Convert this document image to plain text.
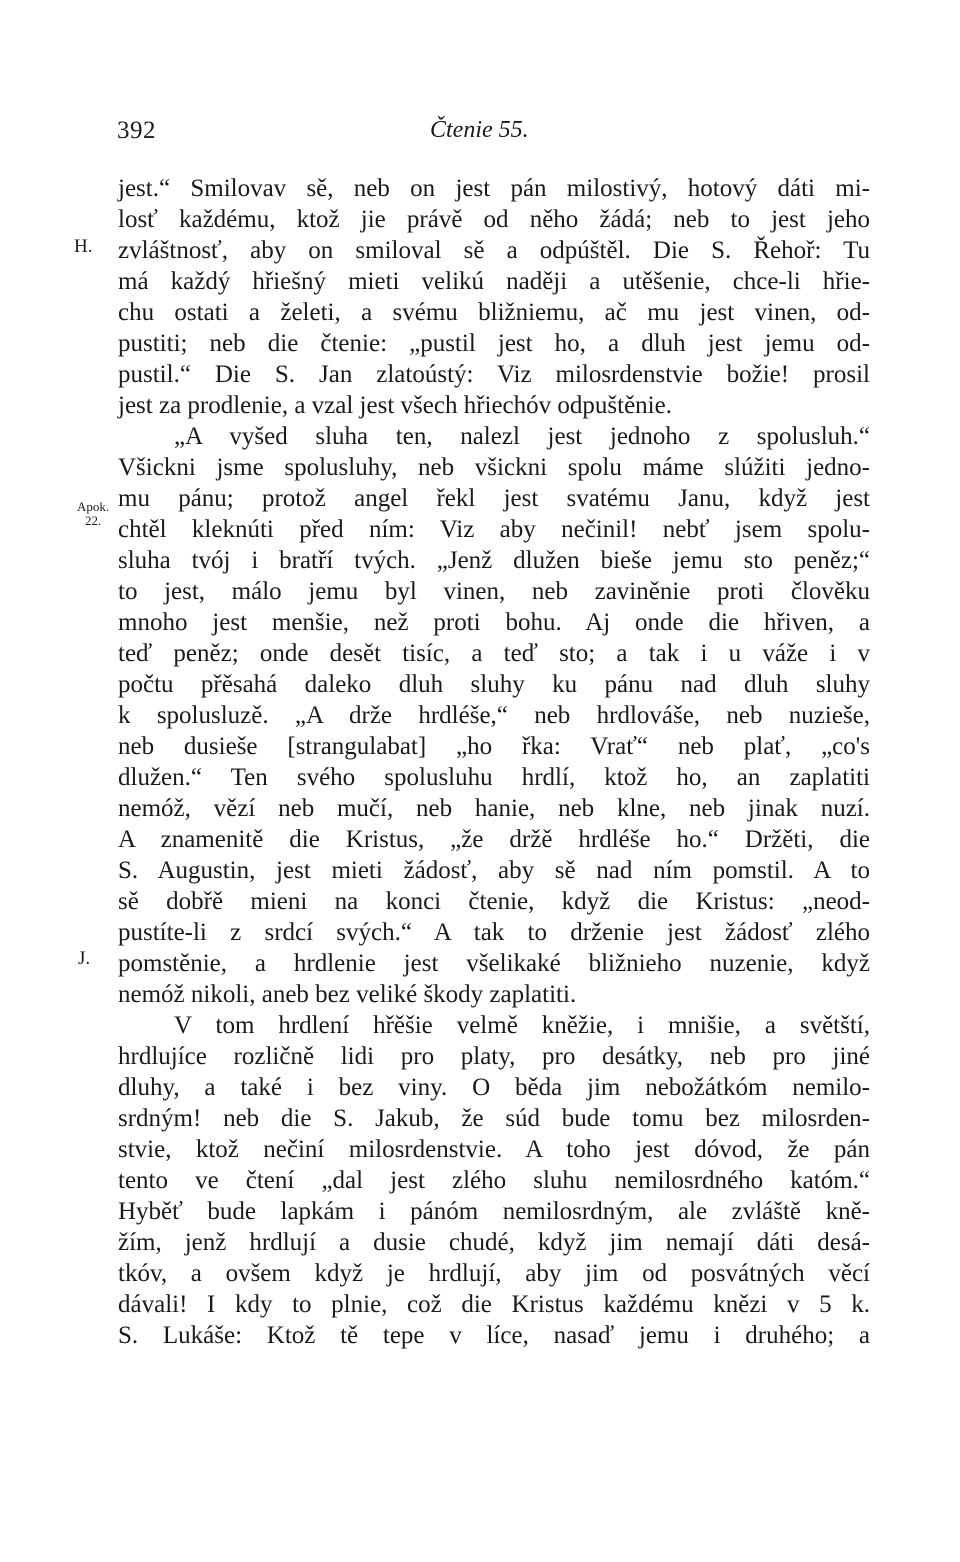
392	Čtenie 55.
H.
Apok.
22.
J.
jest.“ Smilovav sě, neb on jest pán milostivý, hotový dáti mi-
losť každému, ktož jie právě od něho žádá; neb to jest jeho
zvláštnosť, aby on smiloval sě a odpúštěl. Die S. Řehoř: Tu
má každý hřiešný mieti velikú naději a utěšenie, chce-li hřie-
chu ostati a želeti, a svému bližniemu, ač mu jest vinen, od-
pustiti; neb die čtenie: „pustil jest ho, a dluh jest jemu od-
pustil.“ Die S. Jan zlatoústý: Viz milosrdenstvie božie! prosil
jest za prodlenie, a vzal jest všech hřiechóv odpuštěnie.
„A vyšed sluha ten, nalezl jest jednoho z spolusluh.“
Všickni jsme spolusluhy, neb všickni spolu máme slúžiti jedno-
mu pánu; protož angel řekl jest svatému Janu, když jest
chtěl kleknúti před ním: Viz aby nečinil! nebť jsem spolu-
sluha tvój i bratří tvých. „Jenž dlužen bieše jemu sto peněz;“
to jest, málo jemu byl vinen, neb zaviněnie proti člověku
mnoho jest menšie, než proti bohu. Aj onde die hřiven, a
teď peněz; onde desět tisíc, a teď sto; a tak i u váže i v
počtu přěsahá daleko dluh sluhy ku pánu nad dluh sluhy
k spolusluzě. „A drže hrdléše,“ neb hrdlováše, neb nuzieše,
neb dusieše [strangulabat] „ho řka: Vrať“ neb plať, „co's
dlužen.“ Ten svého spolusluhu hrdlí, ktož ho, an zaplatiti
nemóž, vězí neb mučí, neb hanie, neb klne, neb jinak nuzí.
A znamenitě die Kristus, „že držě hrdléše ho.“ Držěti, die
S. Augustin, jest mieti žádosť, aby sě nad ním pomstil. A to
sě dobřě mieni na konci čtenie, když die Kristus: „neod-
pustíte-li z srdcí svých.“ A tak to drženie jest žádosť zlého
pomstěnie, a hrdlenie jest všelikaké bližnieho nuzenie, když
nemóž nikoli, aneb bez veliké škody zaplatiti.
V tom hrdlení hřěšie velmě kněžie, i mnišie, a světští,
hrdlujíce rozličně lidi pro platy, pro desátky, neb pro jiné
dluhy, a také i bez viny. O běda jim nebožátkóm nemilo-
srdným! neb die S. Jakub, že súd bude tomu bez milosrden-
stvie, ktož nečiní milosrdenstvie. A toho jest dóvod, že pán
tento ve čtení „dal jest zlého sluhu nemilosrdného katóm.“
Hyběť bude lapkám i pánóm nemilosrdným, ale zvláště kně-
žím, jenž hrdlují a dusie chudé, když jim nemají dáti desá-
tkóv, a ovšem když je hrdlují, aby jim od posvátných věcí
dávali! I kdy to plnie, což die Kristus každému knězi v 5 k.
S. Lukáše: Ktož tě tepe v líce, nasaď jemu i druhého; a
